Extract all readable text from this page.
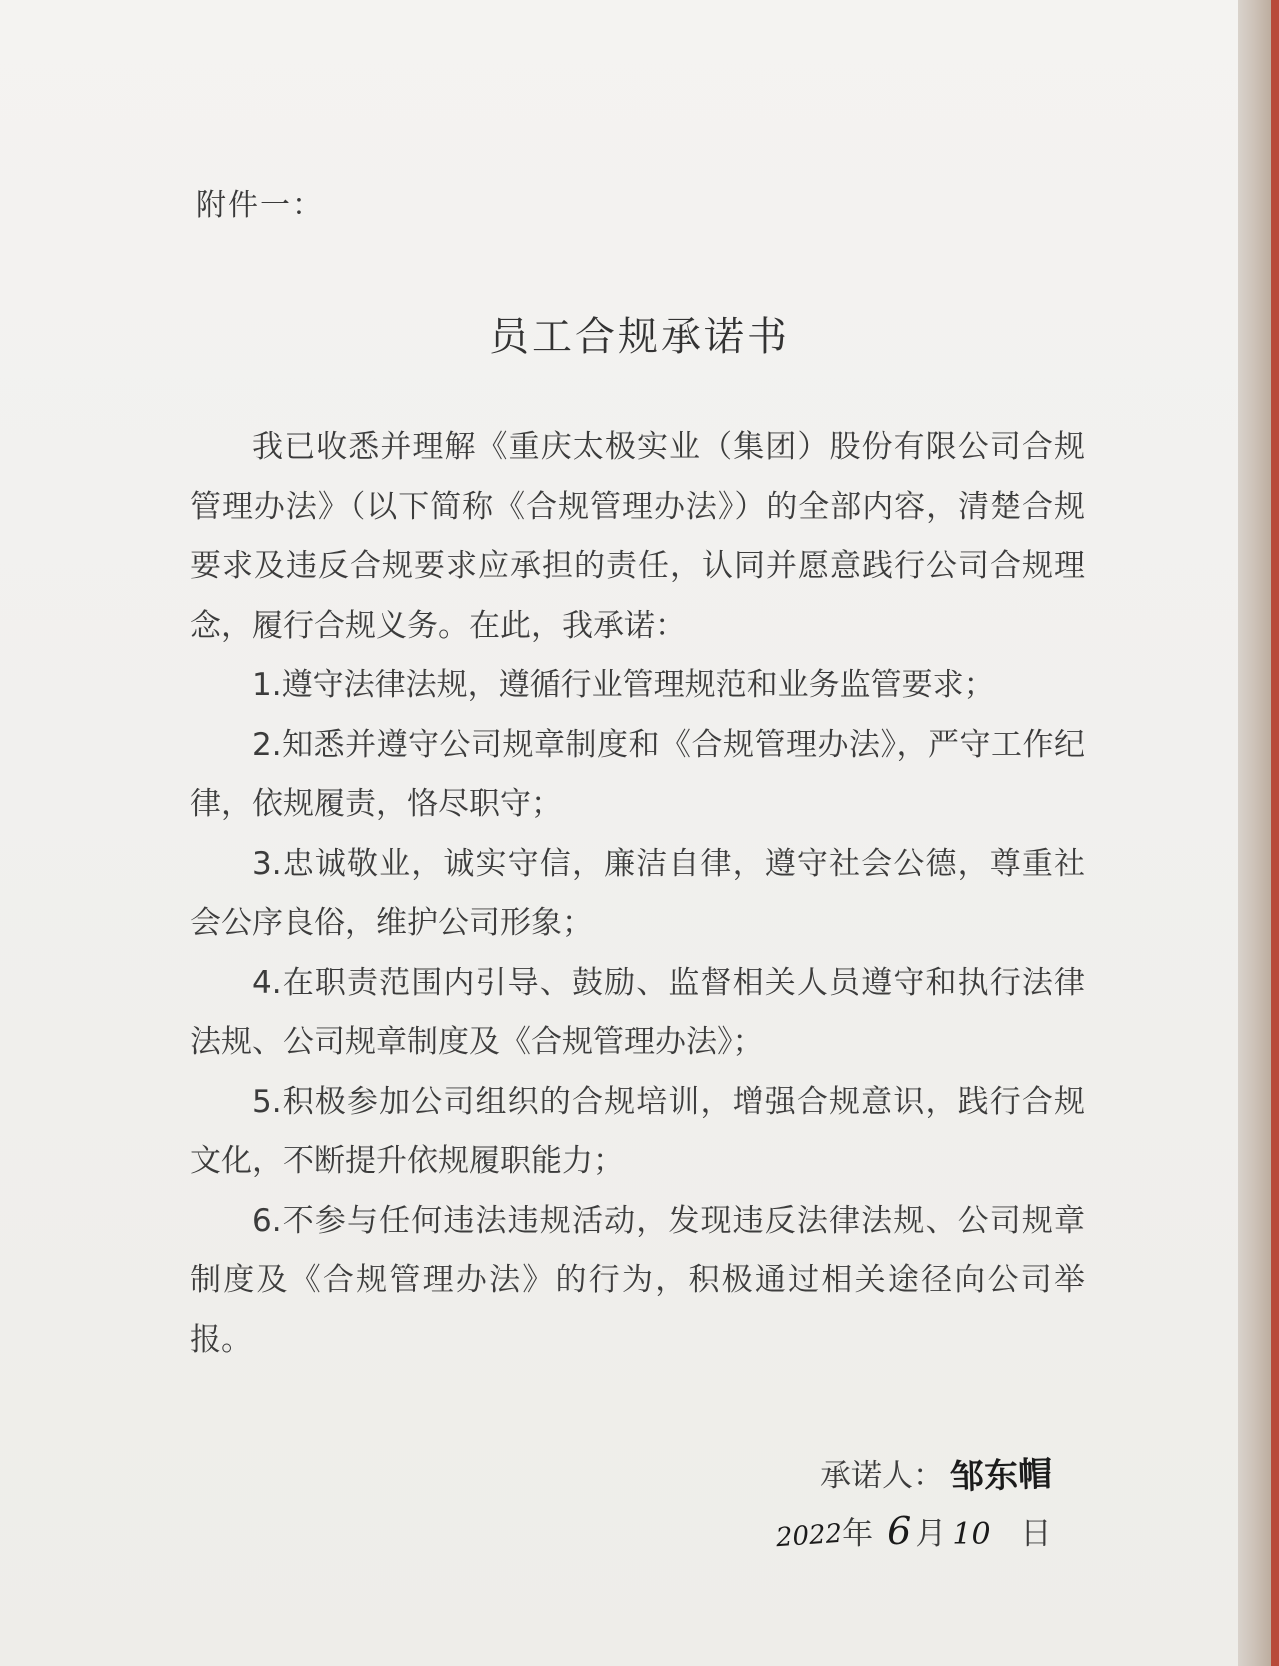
附件一：
员工合规承诺书

我已收悉并理解《重庆太极实业（集团）股份有限公司合规管理办法》（以下简称《合规管理办法》）的全部内容，清楚合规要求及违反合规要求应承担的责任，认同并愿意践行公司合规理念，履行合规义务。在此，我承诺：

1.遵守法律法规，遵循行业管理规范和业务监管要求；

2.知悉并遵守公司规章制度和《合规管理办法》，严守工作纪律，依规履责，恪尽职守；

3.忠诚敬业，诚实守信，廉洁自律，遵守社会公德，尊重社会公序良俗，维护公司形象；

4.在职责范围内引导、鼓励、监督相关人员遵守和执行法律法规、公司规章制度及《合规管理办法》；

5.积极参加公司组织的合规培训，增强合规意识，践行合规文化，不断提升依规履职能力；

6.不参与任何违法违规活动，发现违反法律法规、公司规章制度及《合规管理办法》的行为，积极通过相关途径向公司举报。

承诺人： 邹东帽
2022 年 6 月 10 日
